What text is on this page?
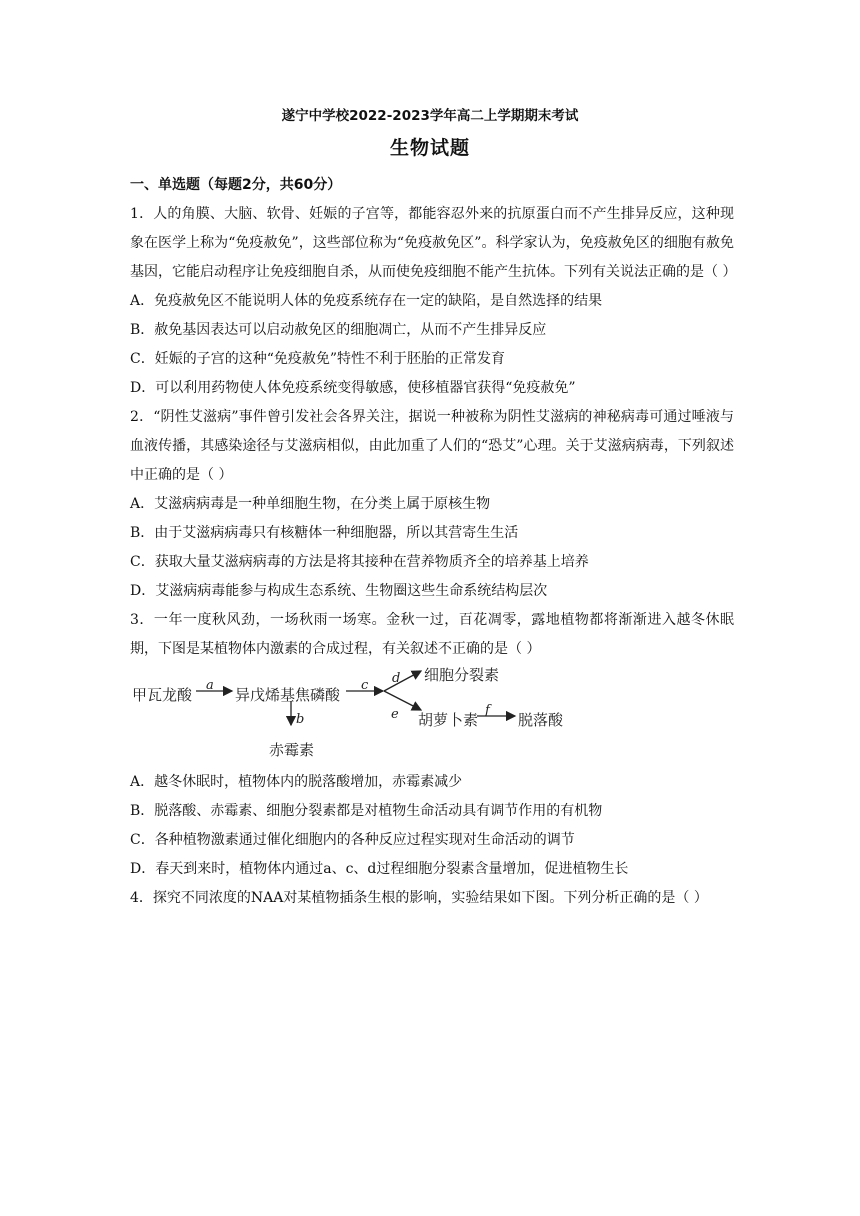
遂宁中学校2022-2023学年高二上学期期末考试
生物试题
一、单选题（每题2分，共60分）

1．人的角膜、大脑、软骨、妊娠的子宫等，都能容忍外来的抗原蛋白而不产生排异反应，这种现象在医学上称为“免疫赦免”，这些部位称为“免疫赦免区”。科学家认为，免疫赦免区的细胞有赦免基因，它能启动程序让免疫细胞自杀，从而使免疫细胞不能产生抗体。下列有关说法正确的是（ ）

A．免疫赦免区不能说明人体的免疫系统存在一定的缺陷，是自然选择的结果

B．赦免基因表达可以启动赦免区的细胞凋亡，从而不产生排异反应

C．妊娠的子宫的这种“免疫赦免”特性不利于胚胎的正常发育

D．可以利用药物使人体免疫系统变得敏感，使移植器官获得“免疫赦免”

2．“阴性艾滋病”事件曾引发社会各界关注，据说一种被称为阴性艾滋病的神秘病毒可通过唾液与血液传播，其感染途径与艾滋病相似，由此加重了人们的“恐艾”心理。关于艾滋病病毒，下列叙述中正确的是（ ）

A．艾滋病病毒是一种单细胞生物，在分类上属于原核生物

B．由于艾滋病病毒只有核糖体一种细胞器，所以其营寄生生活

C．获取大量艾滋病病毒的方法是将其接种在营养物质齐全的培养基上培养

D．艾滋病病毒能参与构成生态系统、生物圈这些生命系统结构层次

3．一年一度秋风劲，一场秋雨一场寒。金秋一过，百花凋零，露地植物都将渐渐进入越冬休眠期，下图是某植物体内激素的合成过程，有关叙述不正确的是（ ）

甲瓦龙酸
a
异戊烯基焦磷酸
b
赤霉素
c d
e
细胞分裂素
胡萝卜素
f
脱落酸

A．越冬休眠时，植物体内的脱落酸增加，赤霉素减少

B．脱落酸、赤霉素、细胞分裂素都是对植物生命活动具有调节作用的有机物

C．各种植物激素通过催化细胞内的各种反应过程实现对生命活动的调节

D．春天到来时，植物体内通过a、c、d过程细胞分裂素含量增加，促进植物生长

4．探究不同浓度的NAA对某植物插条生根的影响，实验结果如下图。下列分析正确的是（ ）
